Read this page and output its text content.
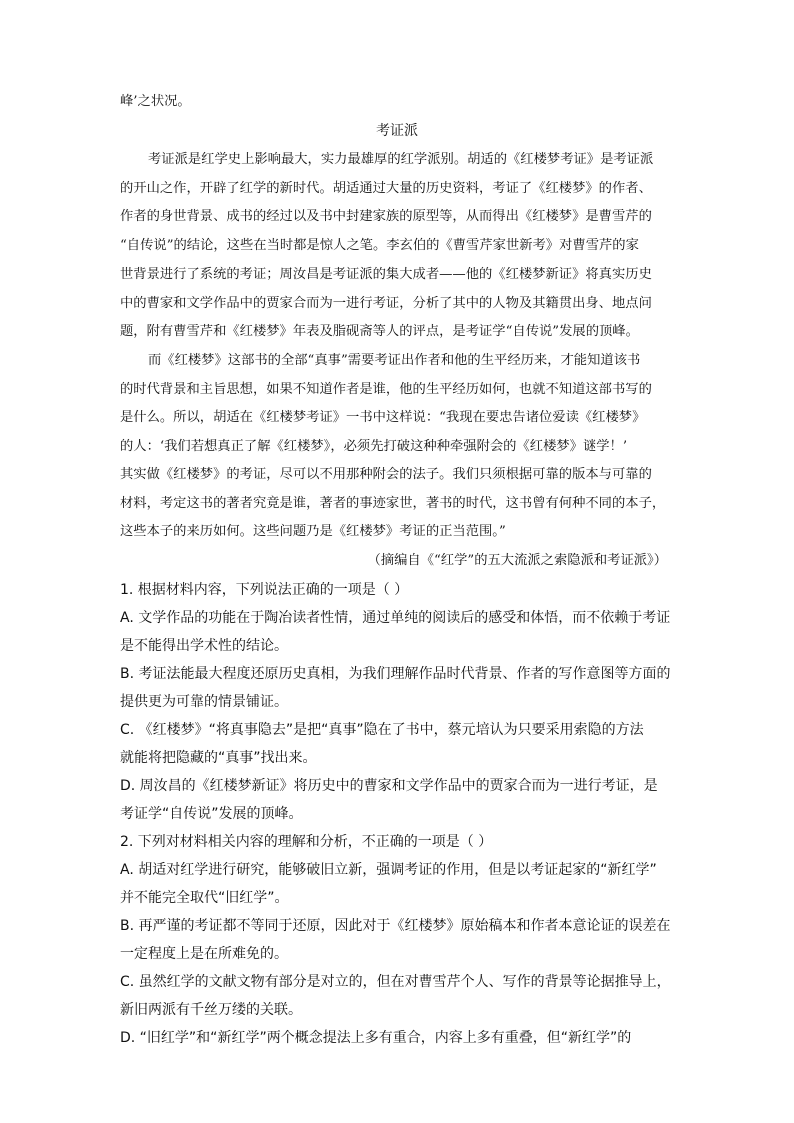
峰’之状况。
考证派
考证派是红学史上影响最大，实力最雄厚的红学派别。胡适的《红楼梦考证》是考证派
的开山之作，开辟了红学的新时代。胡适通过大量的历史资料，考证了《红楼梦》的作者、
作者的身世背景、成书的经过以及书中封建家族的原型等，从而得出《红楼梦》是曹雪芹的
“自传说”的结论，这些在当时都是惊人之笔。李玄伯的《曹雪芹家世新考》对曹雪芹的家
世背景进行了系统的考证；周汝昌是考证派的集大成者——他的《红楼梦新证》将真实历史
中的曹家和文学作品中的贾家合而为一进行考证，分析了其中的人物及其籍贯出身、地点问
题，附有曹雪芹和《红楼梦》年表及脂砚斋等人的评点，是考证学“自传说”发展的顶峰。
而《红楼梦》这部书的全部“真事”需要考证出作者和他的生平经历来，才能知道该书
的时代背景和主旨思想，如果不知道作者是谁，他的生平经历如何，也就不知道这部书写的
是什么。所以，胡适在《红楼梦考证》一书中这样说：“我现在要忠告诸位爱读《红楼梦》
的人：‘我们若想真正了解《红楼梦》，必须先打破这种种牵强附会的《红楼梦》谜学！’
其实做《红楼梦》的考证，尽可以不用那种附会的法子。我们只须根据可靠的版本与可靠的
材料，考定这书的著者究竟是谁，著者的事迹家世，著书的时代，这书曾有何种不同的本子，
这些本子的来历如何。这些问题乃是《红楼梦》考证的正当范围。”
（摘编自《“红学”的五大流派之索隐派和考证派》）
1. 根据材料内容，下列说法正确的一项是（ ）
A. 文学作品的功能在于陶冶读者性情，通过单纯的阅读后的感受和体悟，而不依赖于考证
是不能得出学术性的结论。
B. 考证法能最大程度还原历史真相，为我们理解作品时代背景、作者的写作意图等方面的
提供更为可靠的情景铺证。
C. 《红楼梦》“将真事隐去”是把“真事”隐在了书中，蔡元培认为只要采用索隐的方法
就能将把隐藏的“真事”找出来。
D. 周汝昌的《红楼梦新证》将历史中的曹家和文学作品中的贾家合而为一进行考证，是
考证学“自传说”发展的顶峰。
2. 下列对材料相关内容的理解和分析，不正确的一项是（ ）
A. 胡适对红学进行研究，能够破旧立新，强调考证的作用，但是以考证起家的“新红学”
并不能完全取代“旧红学”。
B. 再严谨的考证都不等同于还原，因此对于《红楼梦》原始稿本和作者本意论证的误差在
一定程度上是在所难免的。
C. 虽然红学的文献文物有部分是对立的，但在对曹雪芹个人、写作的背景等论据推导上，
新旧两派有千丝万缕的关联。
D. “旧红学”和“新红学”两个概念提法上多有重合，内容上多有重叠，但“新红学”的
